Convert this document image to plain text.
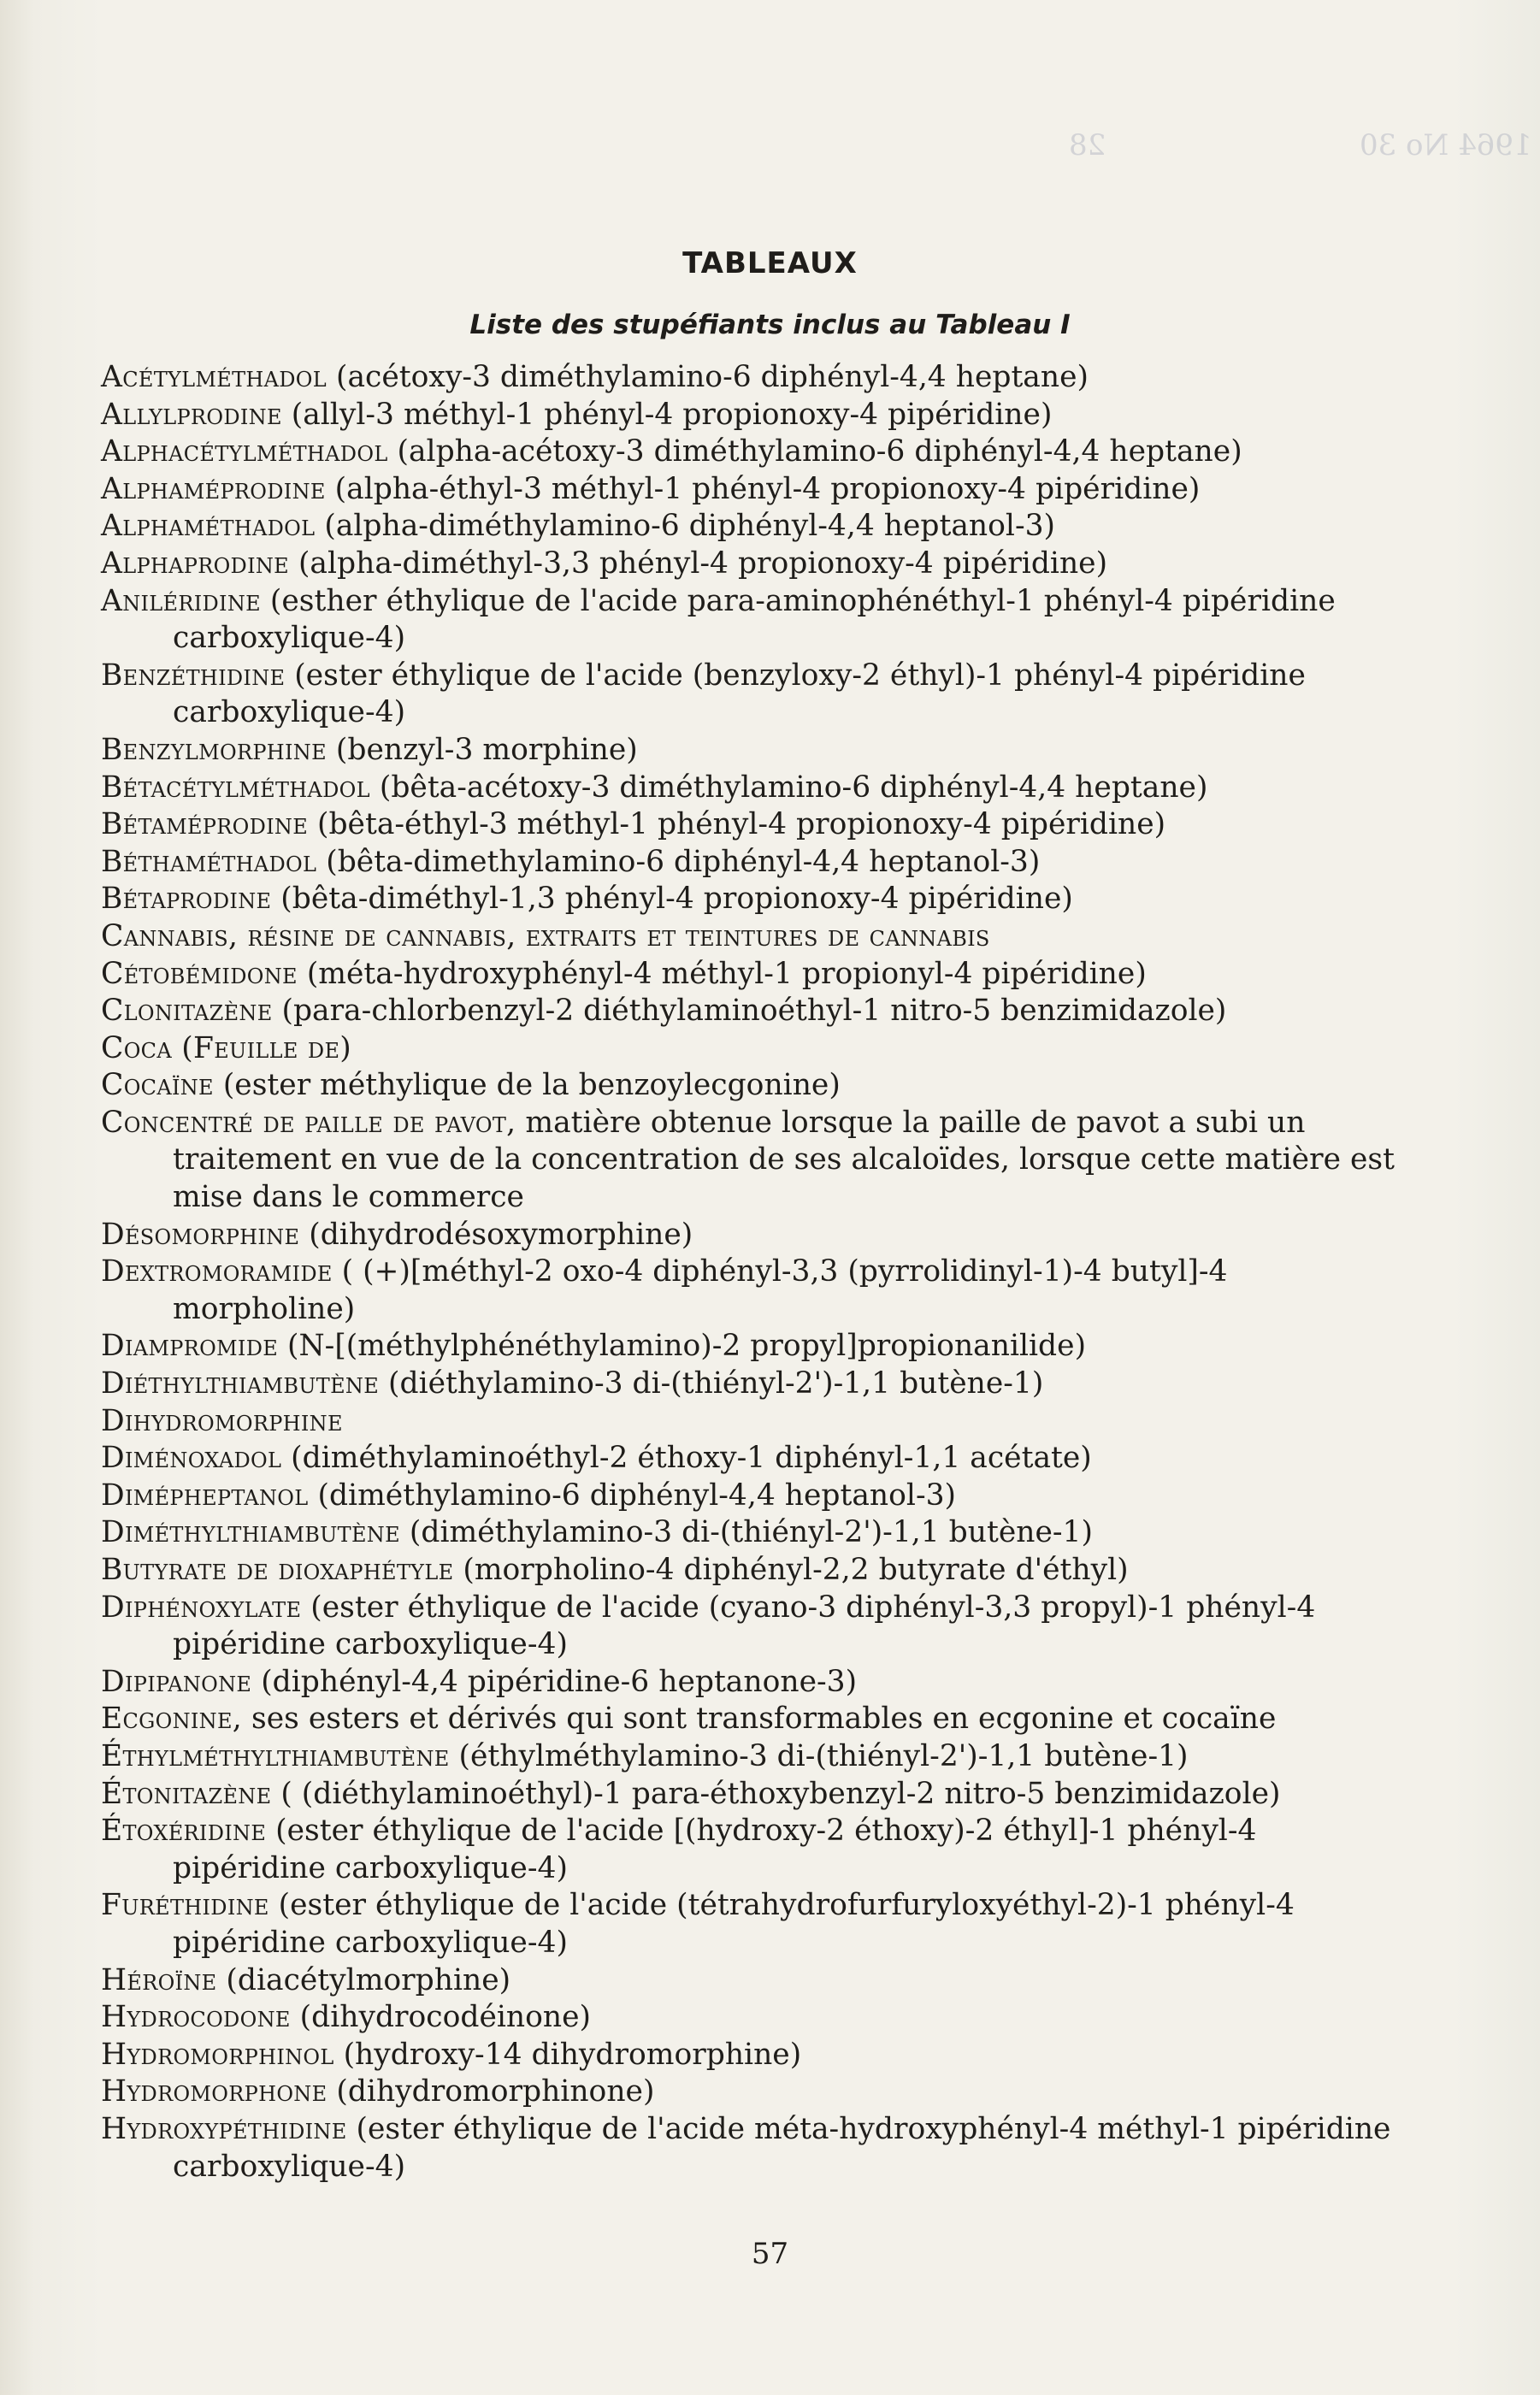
1964 No 30
28
TABLEAUX
Liste des stupéfiants inclus au Tableau I
Acétylméthadol (acétoxy-3 diméthylamino-6 diphényl-4,4 heptane)
Allylprodine (allyl-3 méthyl-1 phényl-4 propionoxy-4 pipéridine)
Alphacétylméthadol (alpha-acétoxy-3 diméthylamino-6 diphényl-4,4 heptane)
Alphaméprodine (alpha-éthyl-3 méthyl-1 phényl-4 propionoxy-4 pipéridine)
Alphaméthadol (alpha-diméthylamino-6 diphényl-4,4 heptanol-3)
Alphaprodine (alpha-diméthyl-3,3 phényl-4 propionoxy-4 pipéridine)
Aniléridine (esther éthylique de l'acide para-aminophénéthyl-1 phényl-4 pipéridine carboxylique-4)
Benzéthidine (ester éthylique de l'acide (benzyloxy-2 éthyl)-1 phényl-4 pipéridine carboxylique-4)
Benzylmorphine (benzyl-3 morphine)
Bétacétylméthadol (bêta-acétoxy-3 diméthylamino-6 diphényl-4,4 heptane)
Bétaméprodine (bêta-éthyl-3 méthyl-1 phényl-4 propionoxy-4 pipéridine)
Béthaméthadol (bêta-dimethylamino-6 diphényl-4,4 heptanol-3)
Bétaprodine (bêta-diméthyl-1,3 phényl-4 propionoxy-4 pipéridine)
Cannabis, résine de cannabis, extraits et teintures de cannabis
Cétobémidone (méta-hydroxyphényl-4 méthyl-1 propionyl-4 pipéridine)
Clonitazène (para-chlorbenzyl-2 diéthylaminoéthyl-1 nitro-5 benzimidazole)
Coca (Feuille de)
Cocaïne (ester méthylique de la benzoylecgonine)
Concentré de paille de pavot, matière obtenue lorsque la paille de pavot a subi un traitement en vue de la concentration de ses alcaloïdes, lorsque cette matière est mise dans le commerce
Désomorphine (dihydrodésoxymorphine)
Dextromoramide ( (+)[méthyl-2 oxo-4 diphényl-3,3 (pyrrolidinyl-1)-4 butyl]-4 morpholine)
Diampromide (N-[(méthylphénéthylamino)-2 propyl]propionanilide)
Diéthylthiambutène (diéthylamino-3 di-(thiényl-2')-1,1 butène-1)
Dihydromorphine
Diménoxadol (diméthylaminoéthyl-2 éthoxy-1 diphényl-1,1 acétate)
Dimépheptanol (diméthylamino-6 diphényl-4,4 heptanol-3)
Diméthylthiambutène (diméthylamino-3 di-(thiényl-2')-1,1 butène-1)
Butyrate de dioxaphétyle (morpholino-4 diphényl-2,2 butyrate d'éthyl)
Diphénoxylate (ester éthylique de l'acide (cyano-3 diphényl-3,3 propyl)-1 phényl-4 pipéridine carboxylique-4)
Dipipanone (diphényl-4,4 pipéridine-6 heptanone-3)
Ecgonine, ses esters et dérivés qui sont transformables en ecgonine et cocaïne
Éthylméthylthiambutène (éthylméthylamino-3 di-(thiényl-2')-1,1 butène-1)
Étonitazène ( (diéthylaminoéthyl)-1 para-éthoxybenzyl-2 nitro-5 benzimidazole)
Étoxéridine (ester éthylique de l'acide [(hydroxy-2 éthoxy)-2 éthyl]-1 phényl-4 pipéridine carboxylique-4)
Furéthidine (ester éthylique de l'acide (tétrahydrofurfuryloxyéthyl-2)-1 phényl-4 pipéridine carboxylique-4)
Héroïne (diacétylmorphine)
Hydrocodone (dihydrocodéinone)
Hydromorphinol (hydroxy-14 dihydromorphine)
Hydromorphone (dihydromorphinone)
Hydroxypéthidine (ester éthylique de l'acide méta-hydroxyphényl-4 méthyl-1 pipéridine carboxylique-4)
57
